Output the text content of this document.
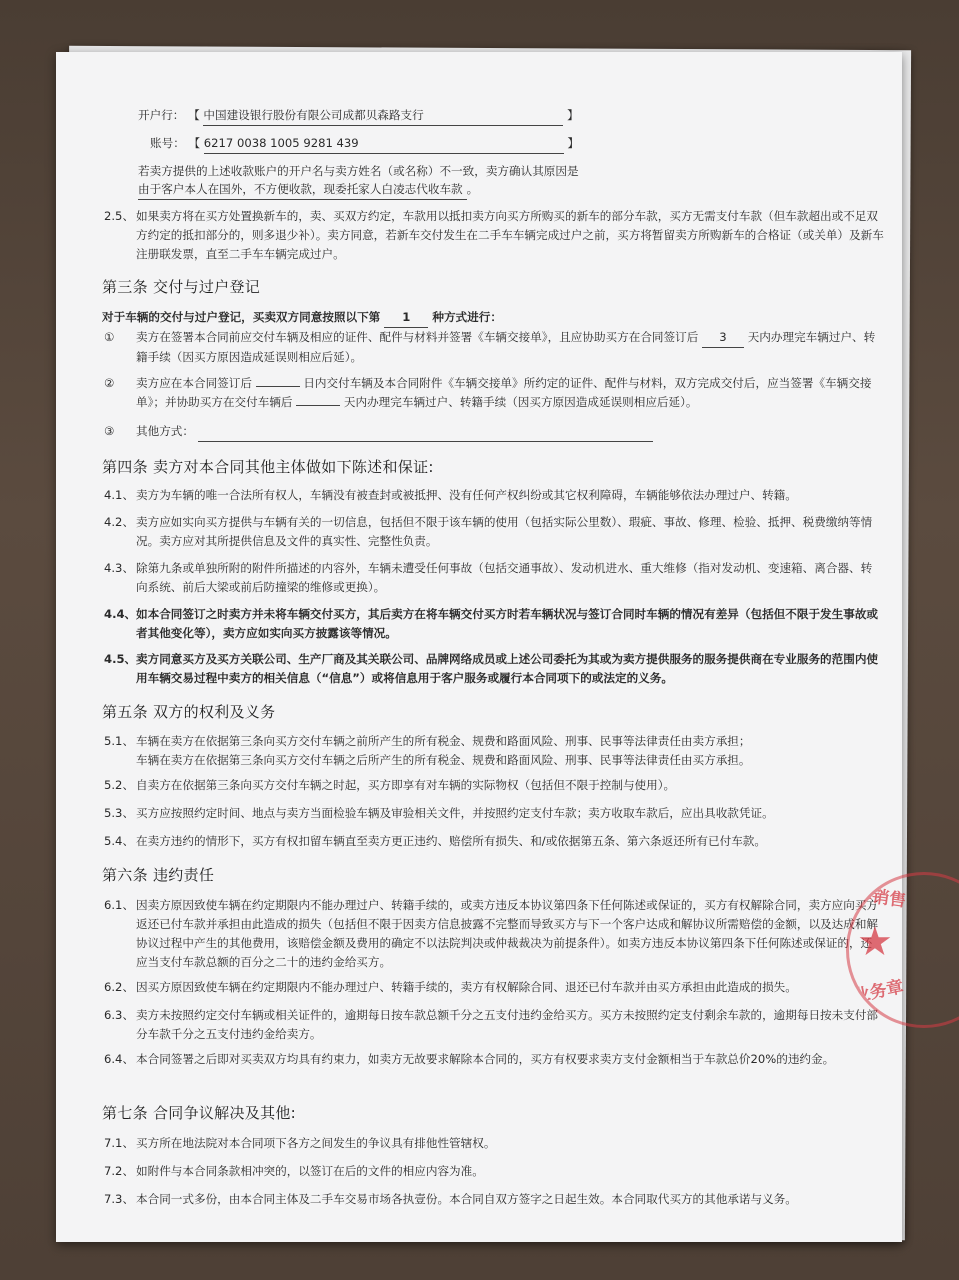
开户行： 【 中国建设银行股份有限公司成都贝森路支行	】
账号： 【 6217 0038 1005 9281 439	】
若卖方提供的上述收款账户的开户名与卖方姓名（或名称）不一致，卖方确认其原因是
由于客户本人在国外，不方便收款，现委托家人白凌志代收车款 。
2.5、 如果卖方将在买方处置换新车的，卖、买双方约定，车款用以抵扣卖方向买方所购买的新车的部分车款，买方无需支付车款（但车款超出或不足双方约定的抵扣部分的，则多退少补）。卖方同意，若新车交付发生在二手车车辆完成过户之前，买方将暂留卖方所购新车的合格证（或关单）及新车注册联发票，直至二手车车辆完成过户。
第三条 交付与过户登记
对于车辆的交付与过户登记，买卖双方同意按照以下第 1 种方式进行：
① 卖方在签署本合同前应交付车辆及相应的证件、配件与材料并签署《车辆交接单》，且应协助买方在合同签订后 3 天内办理完车辆过户、转籍手续（因买方原因造成延误则相应后延）。
② 卖方应在本合同签订后	日内交付车辆及本合同附件《车辆交接单》所约定的证件、配件与材料，双方完成交付后，应当签署《车辆交接单》；并协助买方在交付车辆后	天内办理完车辆过户、转籍手续（因买方原因造成延误则相应后延）。
③ 其他方式：
第四条 卖方对本合同其他主体做如下陈述和保证:
4.1、 卖方为车辆的唯一合法所有权人，车辆没有被查封或被抵押、没有任何产权纠纷或其它权利障碍，车辆能够依法办理过户、转籍。
4.2、 卖方应如实向买方提供与车辆有关的一切信息，包括但不限于该车辆的使用（包括实际公里数）、瑕疵、事故、修理、检验、抵押、税费缴纳等情况。卖方应对其所提供信息及文件的真实性、完整性负责。
4.3、 除第九条或单独所附的附件所描述的内容外，车辆未遭受任何事故（包括交通事故）、发动机进水、重大维修（指对发动机、变速箱、离合器、转向系统、前后大梁或前后防撞梁的维修或更换）。
4.4、 如本合同签订之时卖方并未将车辆交付买方，其后卖方在将车辆交付买方时若车辆状况与签订合同时车辆的情况有差异（包括但不限于发生事故或者其他变化等），卖方应如实向买方披露该等情况。
4.5、 卖方同意买方及买方关联公司、生产厂商及其关联公司、品牌网络成员或上述公司委托为其或为卖方提供服务的服务提供商在专业服务的范围内使用车辆交易过程中卖方的相关信息（“信息”）或将信息用于客户服务或履行本合同项下的或法定的义务。
第五条 双方的权利及义务
5.1、 车辆在卖方在依据第三条向买方交付车辆之前所产生的所有税金、规费和路面风险、刑事、民事等法律责任由卖方承担；
车辆在卖方在依据第三条向买方交付车辆之后所产生的所有税金、规费和路面风险、刑事、民事等法律责任由买方承担。
5.2、 自卖方在依据第三条向买方交付车辆之时起，买方即享有对车辆的实际物权（包括但不限于控制与使用）。
5.3、 买方应按照约定时间、地点与卖方当面检验车辆及审验相关文件，并按照约定支付车款；卖方收取车款后，应出具收款凭证。
5.4、 在卖方违约的情形下，买方有权扣留车辆直至卖方更正违约、赔偿所有损失、和/或依据第五条、第六条返还所有已付车款。
第六条 违约责任
6.1、 因卖方原因致使车辆在约定期限内不能办理过户、转籍手续的，或卖方违反本协议第四条下任何陈述或保证的，买方有权解除合同，卖方应向买方返还已付车款并承担由此造成的损失（包括但不限于因卖方信息披露不完整而导致买方与下一个客户达成和解协议所需赔偿的金额，以及达成和解协议过程中产生的其他费用，该赔偿金额及费用的确定不以法院判决或仲裁裁决为前提条件）。如卖方违反本协议第四条下任何陈述或保证的，还应当支付车款总额的百分之二十的违约金给买方。
6.2、 因买方原因致使车辆在约定期限内不能办理过户、转籍手续的，卖方有权解除合同、退还已付车款并由买方承担由此造成的损失。
6.3、 卖方未按照约定交付车辆或相关证件的，逾期每日按车款总额千分之五支付违约金给买方。买方未按照约定支付剩余车款的，逾期每日按未支付部分车款千分之五支付违约金给卖方。
6.4、 本合同签署之后即对买卖双方均具有约束力，如卖方无故要求解除本合同的，买方有权要求卖方支付金额相当于车款总价20%的违约金。
第七条 合同争议解决及其他:
7.1、 买方所在地法院对本合同项下各方之间发生的争议具有排他性管辖权。
7.2、 如附件与本合同条款相冲突的，以签订在后的文件的相应内容为准。
7.3、 本合同一式多份，由本合同主体及二手车交易市场各执壹份。本合同自双方签字之日起生效。本合同取代买方的其他承诺与义务。
车销售
★
业务章
